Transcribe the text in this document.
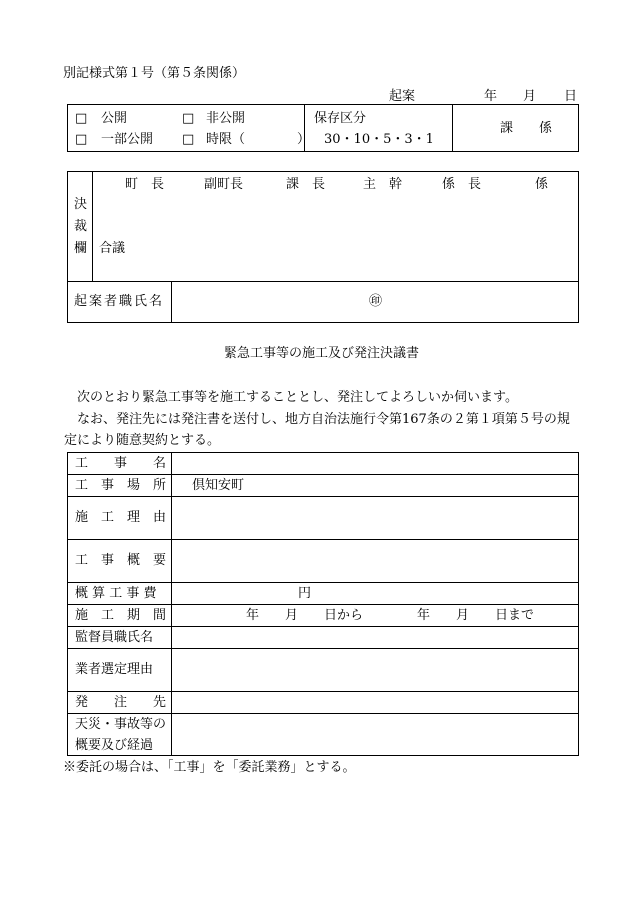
別記様式第１号（第５条関係）
起案	年 月 日
□ 公開	□ 非公開
□ 一部公開 □ 時限（　　　　）
保存区分
30・10・5・3・1
課　　係
決
裁
欄
町　長	副町長	課　長	主　幹	係　長	係
合議
起案者職氏名	㊞
緊急工事等の施工及び発注決議書
次のとおり緊急工事等を施工することとし、発注してよろしいか伺います。
なお、発注先には発注書を送付し、地方自治法施行令第167条の２第１項第５号の規
定により随意契約とする。
工　　事　　名
工　事　場　所 倶知安町
施　工　理　由
工　事　概　要
概 算 工 事 費	円
施　工　期　間	年　　月　　日から	年　　月　　日まで
監督員職氏名
業者選定理由
発　　注　　先
天災・事故等の
概要及び経過
※委託の場合は、「工事」を「委託業務」とする。
